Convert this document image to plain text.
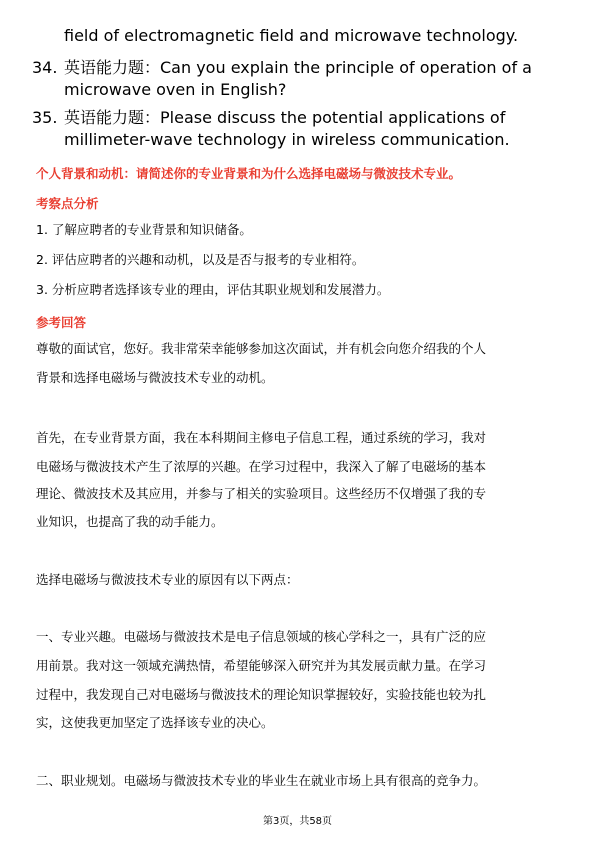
field of electromagnetic field and microwave technology.
34. 英语能力题：Can you explain the principle of operation of a
microwave oven in English?
35. 英语能力题：Please discuss the potential applications of
millimeter-wave technology in wireless communication.
个人背景和动机：请简述你的专业背景和为什么选择电磁场与微波技术专业。
考察点分析
1. 了解应聘者的专业背景和知识储备。
2. 评估应聘者的兴趣和动机，以及是否与报考的专业相符。
3. 分析应聘者选择该专业的理由，评估其职业规划和发展潜力。
参考回答
尊敬的面试官，您好。我非常荣幸能够参加这次面试，并有机会向您介绍我的个人
背景和选择电磁场与微波技术专业的动机。
首先，在专业背景方面，我在本科期间主修电子信息工程，通过系统的学习，我对
电磁场与微波技术产生了浓厚的兴趣。在学习过程中，我深入了解了电磁场的基本
理论、微波技术及其应用，并参与了相关的实验项目。这些经历不仅增强了我的专
业知识，也提高了我的动手能力。
选择电磁场与微波技术专业的原因有以下两点：
一、专业兴趣。电磁场与微波技术是电子信息领域的核心学科之一，具有广泛的应
用前景。我对这一领域充满热情，希望能够深入研究并为其发展贡献力量。在学习
过程中，我发现自己对电磁场与微波技术的理论知识掌握较好，实验技能也较为扎
实，这使我更加坚定了选择该专业的决心。
二、职业规划。电磁场与微波技术专业的毕业生在就业市场上具有很高的竞争力。
第3页，共58页
